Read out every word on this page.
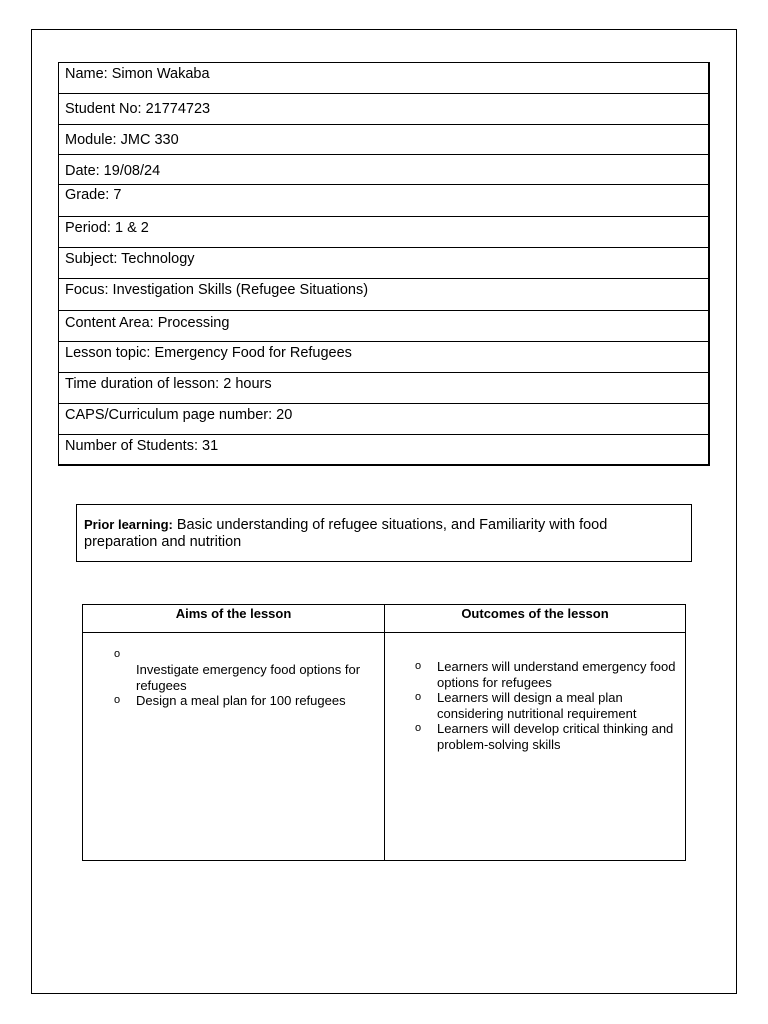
Name: Simon Wakaba
Student No: 21774723
Module: JMC 330
Date: 19/08/24
Grade: 7
Period: 1 & 2
Subject: Technology
Focus: Investigation Skills (Refugee Situations)
Content Area: Processing
Lesson topic: Emergency Food for Refugees
Time duration of lesson: 2 hours
CAPS/Curriculum page number: 20
Number of Students: 31
Prior learning: Basic understanding of refugee situations, and Familiarity with food preparation and nutrition
Aims of the lesson	Outcomes of the lesson
o
Investigate emergency food options for refugees
o Design a meal plan for 100 refugees
o Learners will understand emergency food options for refugees
o Learners will design a meal plan considering nutritional requirement
o Learners will develop critical thinking and problem-solving skills
